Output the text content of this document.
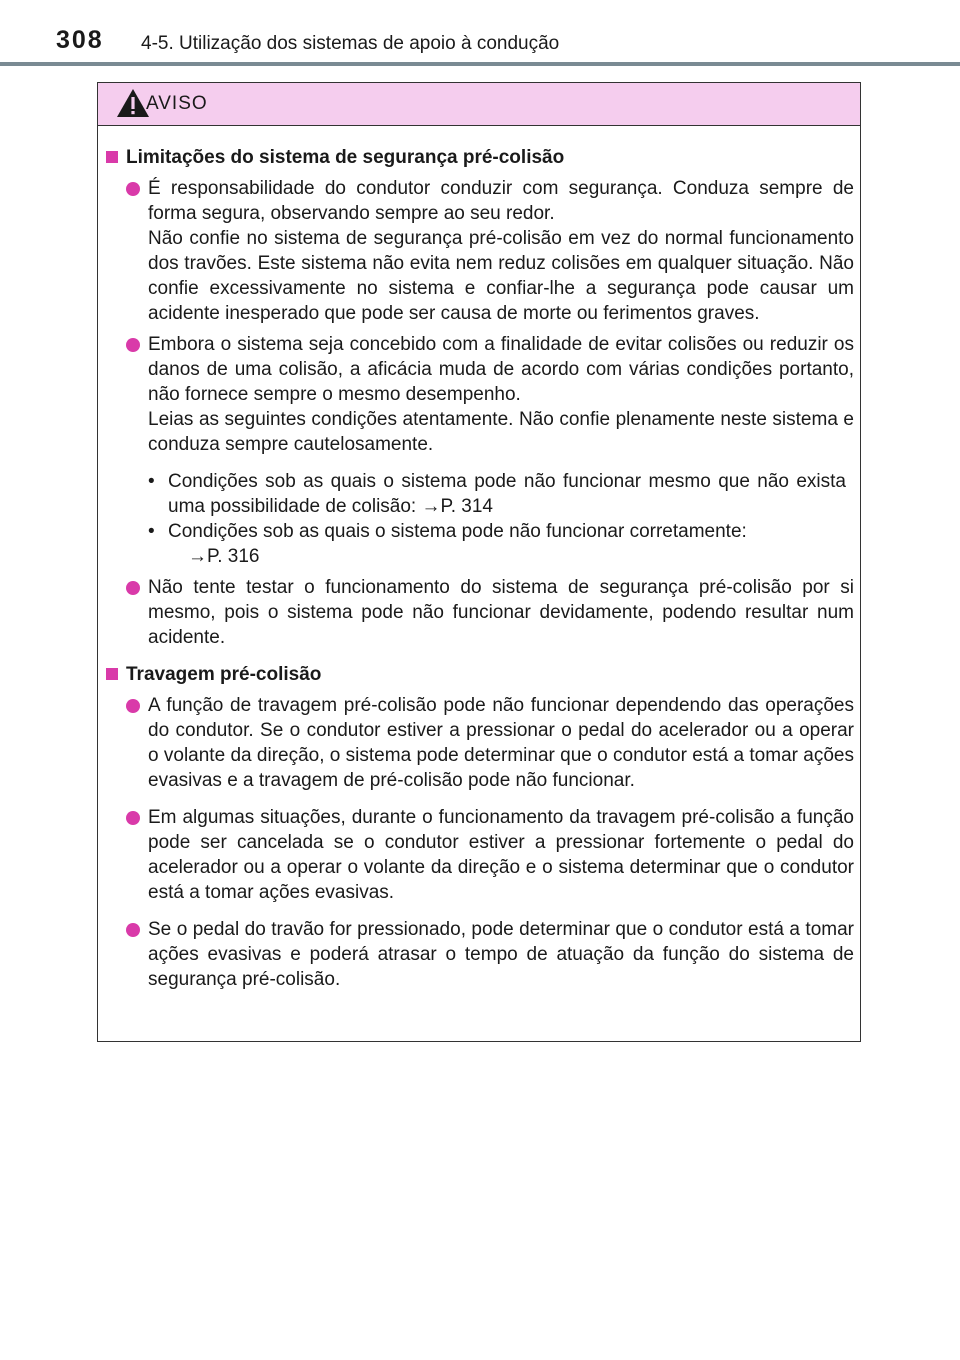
308 4-5. Utilização dos sistemas de apoio à condução
AVISO
Limitações do sistema de segurança pré-colisão

É responsabilidade do condutor conduzir com segurança. Conduza sempre de forma segura, observando sempre ao seu redor.

Não confie no sistema de segurança pré-colisão em vez do normal funcionamento dos travões. Este sistema não evita nem reduz colisões em qualquer situação. Não confie excessivamente no sistema e confiar-lhe a segurança pode causar um acidente inesperado que pode ser causa de morte ou ferimentos graves.

Embora o sistema seja concebido com a finalidade de evitar colisões ou reduzir os danos de uma colisão, a aficácia muda de acordo com várias condições portanto, não fornece sempre o mesmo desempenho.

Leias as seguintes condições atentamente. Não confie plenamente neste sistema e conduza sempre cautelosamente.

• Condições sob as quais o sistema pode não funcionar mesmo que não exista uma possibilidade de colisão: →P. 314
• Condições sob as quais o sistema pode não funcionar corretamente:
→P. 316

Não tente testar o funcionamento do sistema de segurança pré-colisão por si mesmo, pois o sistema pode não funcionar devidamente, podendo resultar num acidente.

Travagem pré-colisão

A função de travagem pré-colisão pode não funcionar dependendo das operações do condutor. Se o condutor estiver a pressionar o pedal do acelerador ou a operar o volante da direção, o sistema pode determinar que o condutor está a tomar ações evasivas e a travagem de pré-colisão pode não funcionar.

Em algumas situações, durante o funcionamento da travagem pré-colisão a função pode ser cancelada se o condutor estiver a pressionar fortemente o pedal do acelerador ou a operar o volante da direção e o sistema determinar que o condutor está a tomar ações evasivas.

Se o pedal do travão for pressionado, pode determinar que o condutor está a tomar ações evasivas e poderá atrasar o tempo de atuação da função do sistema de segurança pré-colisão.
